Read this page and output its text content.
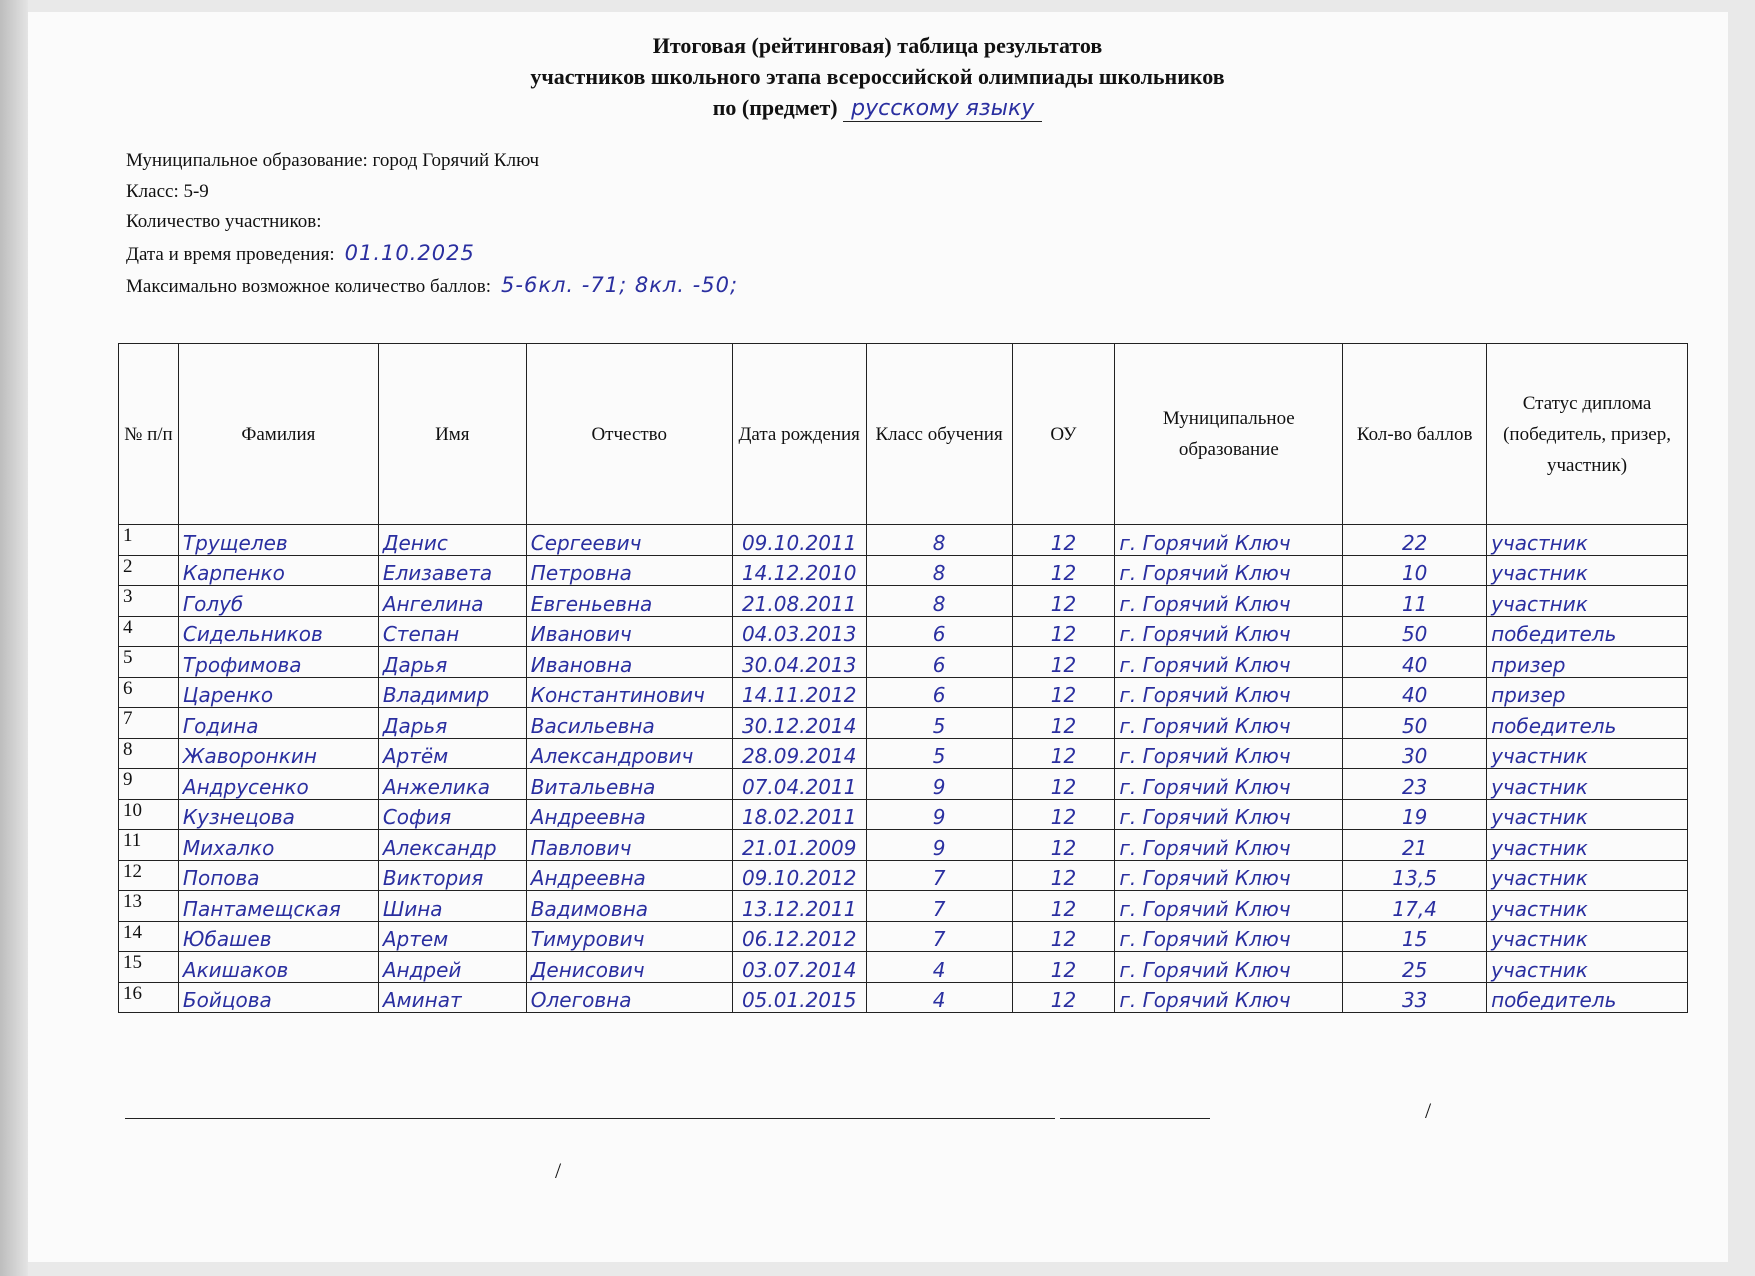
Итоговая (рейтинговая) таблица результатов
участников школьного этапа всероссийской олимпиады школьников
по (предмет) русскому языку
Муниципальное образование: город Горячий Ключ
Класс: 5-9
Количество участников:
Дата и время проведения: 01.10.2025
Максимально возможное количество баллов: 5-6кл. -71; 8кл. -50;
№ п/п	Фамилия	Имя	Отчество	Дата рождения	Класс обучения	ОУ	Муниципальное образование	Кол-во баллов	Статус диплома (победитель, призер, участник)
1	Трущелев	Денис	Сергеевич	09.10.2011	8	12	г. Горячий Ключ	22	участник
2	Карпенко	Елизавета	Петровна	14.12.2010	8	12	г. Горячий Ключ	10	участник
3	Голуб	Ангелина	Евгеньевна	21.08.2011	8	12	г. Горячий Ключ	11	участник
4	Сидельников	Степан	Иванович	04.03.2013	6	12	г. Горячий Ключ	50	победитель
5	Трофимова	Дарья	Ивановна	30.04.2013	6	12	г. Горячий Ключ	40	призер
6	Царенко	Владимир	Константинович	14.11.2012	6	12	г. Горячий Ключ	40	призер
7	Година	Дарья	Васильевна	30.12.2014	5	12	г. Горячий Ключ	50	победитель
8	Жаворонкин	Артём	Александрович	28.09.2014	5	12	г. Горячий Ключ	30	участник
9	Андрусенко	Анжелика	Витальевна	07.04.2011	9	12	г. Горячий Ключ	23	участник
10	Кузнецова	София	Андреевна	18.02.2011	9	12	г. Горячий Ключ	19	участник
11	Михалко	Александр	Павлович	21.01.2009	9	12	г. Горячий Ключ	21	участник
12	Попова	Виктория	Андреевна	09.10.2012	7	12	г. Горячий Ключ	13,5	участник
13	Пантамещская	Шина	Вадимовна	13.12.2011	7	12	г. Горячий Ключ	17,4	участник
14	Юбашев	Артем	Тимурович	06.12.2012	7	12	г. Горячий Ключ	15	участник
15	Акишаков	Андрей	Денисович	03.07.2014	4	12	г. Горячий Ключ	25	участник
16	Бойцова	Аминат	Олеговна	05.01.2015	4	12	г. Горячий Ключ	33	победитель
/
/
